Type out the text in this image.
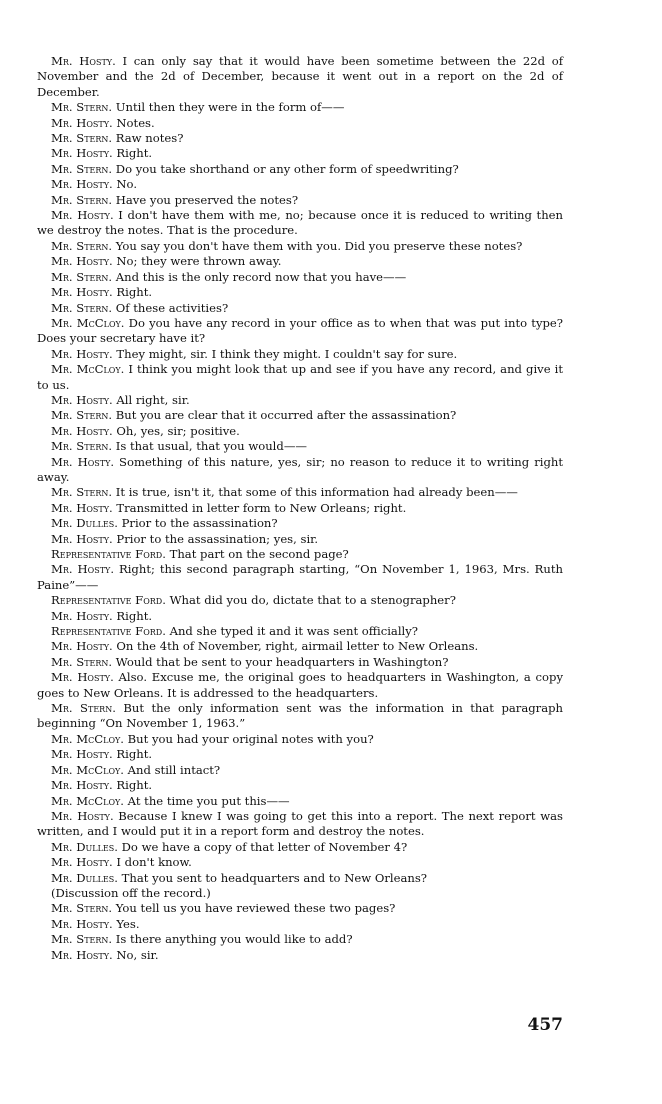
Mr. Hosty. I can only say that it would have been sometime between the 22d of November and the 2d of December, because it went out in a report on the 2d of December.

Mr. Stern. Until then they were in the form of——

Mr. Hosty. Notes.

Mr. Stern. Raw notes?

Mr. Hosty. Right.

Mr. Stern. Do you take shorthand or any other form of speedwriting?

Mr. Hosty. No.

Mr. Stern. Have you preserved the notes?

Mr. Hosty. I don't have them with me, no; because once it is reduced to writing then we destroy the notes. That is the procedure.

Mr. Stern. You say you don't have them with you. Did you preserve these notes?

Mr. Hosty. No; they were thrown away.

Mr. Stern. And this is the only record now that you have——

Mr. Hosty. Right.

Mr. Stern. Of these activities?

Mr. McCloy. Do you have any record in your office as to when that was put into type? Does your secretary have it?

Mr. Hosty. They might, sir. I think they might. I couldn't say for sure.

Mr. McCloy. I think you might look that up and see if you have any record, and give it to us.

Mr. Hosty. All right, sir.

Mr. Stern. But you are clear that it occurred after the assassination?

Mr. Hosty. Oh, yes, sir; positive.

Mr. Stern. Is that usual, that you would——

Mr. Hosty. Something of this nature, yes, sir; no reason to reduce it to writing right away.

Mr. Stern. It is true, isn't it, that some of this information had already been——

Mr. Hosty. Transmitted in letter form to New Orleans; right.

Mr. Dulles. Prior to the assassination?

Mr. Hosty. Prior to the assassination; yes, sir.

Representative Ford. That part on the second page?

Mr. Hosty. Right; this second paragraph starting, “On November 1, 1963, Mrs. Ruth Paine”——

Representative Ford. What did you do, dictate that to a stenographer?

Mr. Hosty. Right.

Representative Ford. And she typed it and it was sent officially?

Mr. Hosty. On the 4th of November, right, airmail letter to New Orleans.

Mr. Stern. Would that be sent to your headquarters in Washington?

Mr. Hosty. Also. Excuse me, the original goes to headquarters in Washington, a copy goes to New Orleans. It is addressed to the headquarters.

Mr. Stern. But the only information sent was the information in that paragraph beginning “On November 1, 1963.”

Mr. McCloy. But you had your original notes with you?

Mr. Hosty. Right.

Mr. McCloy. And still intact?

Mr. Hosty. Right.

Mr. McCloy. At the time you put this——

Mr. Hosty. Because I knew I was going to get this into a report. The next report was written, and I would put it in a report form and destroy the notes.

Mr. Dulles. Do we have a copy of that letter of November 4?

Mr. Hosty. I don't know.

Mr. Dulles. That you sent to headquarters and to New Orleans?

(Discussion off the record.)

Mr. Stern. You tell us you have reviewed these two pages?

Mr. Hosty. Yes.

Mr. Stern. Is there anything you would like to add?

Mr. Hosty. No, sir.

457
